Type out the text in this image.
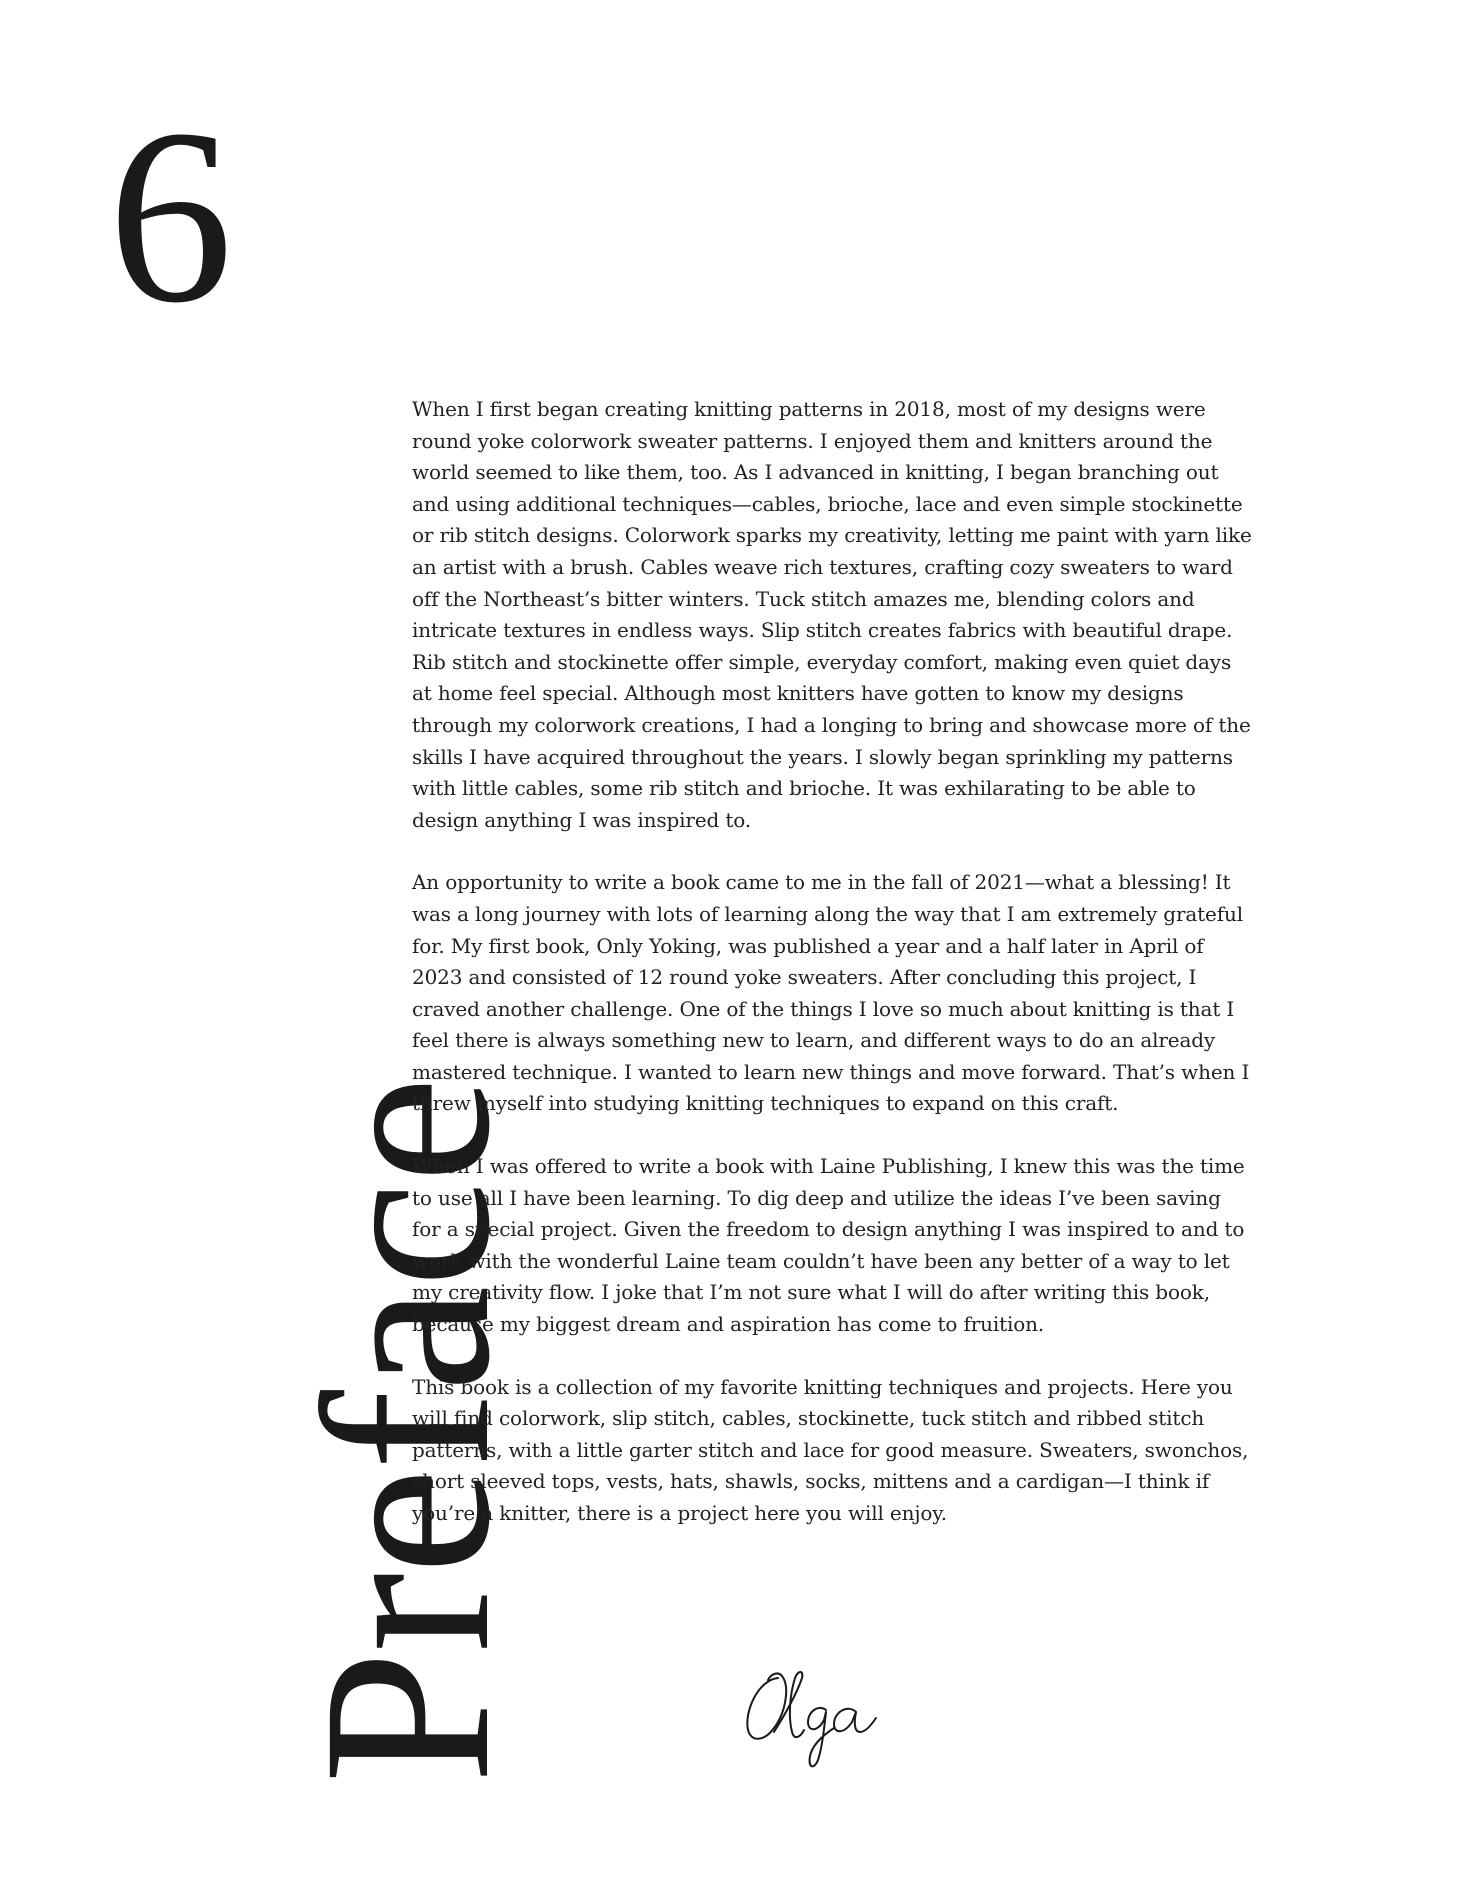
6
Preface

When I first began creating knitting patterns in 2018, most of my designs were round yoke colorwork sweater patterns. I enjoyed them and knitters around the world seemed to like them, too. As I advanced in knitting, I began branching out and using additional techniques—cables, brioche, lace and even simple stockinette or rib stitch designs. Colorwork sparks my creativity, letting me paint with yarn like an artist with a brush. Cables weave rich textures, crafting cozy sweaters to ward off the Northeast’s bitter winters. Tuck stitch amazes me, blending colors and intricate textures in endless ways. Slip stitch creates fabrics with beautiful drape. Rib stitch and stockinette offer simple, everyday comfort, making even quiet days at home feel special. Although most knitters have gotten to know my designs through my colorwork creations, I had a longing to bring and showcase more of the skills I have acquired throughout the years. I slowly began sprinkling my patterns with little cables, some rib stitch and brioche. It was exhilarating to be able to design anything I was inspired to.

An opportunity to write a book came to me in the fall of 2021—what a blessing! It was a long journey with lots of learning along the way that I am extremely grateful for. My first book, Only Yoking, was published a year and a half later in April of 2023 and consisted of 12 round yoke sweaters. After concluding this project, I craved another challenge. One of the things I love so much about knitting is that I feel there is always something new to learn, and different ways to do an already mastered technique. I wanted to learn new things and move forward. That’s when I threw myself into studying knitting techniques to expand on this craft.

When I was offered to write a book with Laine Publishing, I knew this was the time to use all I have been learning. To dig deep and utilize the ideas I’ve been saving for a special project. Given the freedom to design anything I was inspired to and to work with the wonderful Laine team couldn’t have been any better of a way to let my creativity flow. I joke that I’m not sure what I will do after writing this book, because my biggest dream and aspiration has come to fruition.

This book is a collection of my favorite knitting techniques and projects. Here you will find colorwork, slip stitch, cables, stockinette, tuck stitch and ribbed stitch patterns, with a little garter stitch and lace for good measure. Sweaters, swonchos, short sleeved tops, vests, hats, shawls, socks, mittens and a cardigan—I think if you’re a knitter, there is a project here you will enjoy.
